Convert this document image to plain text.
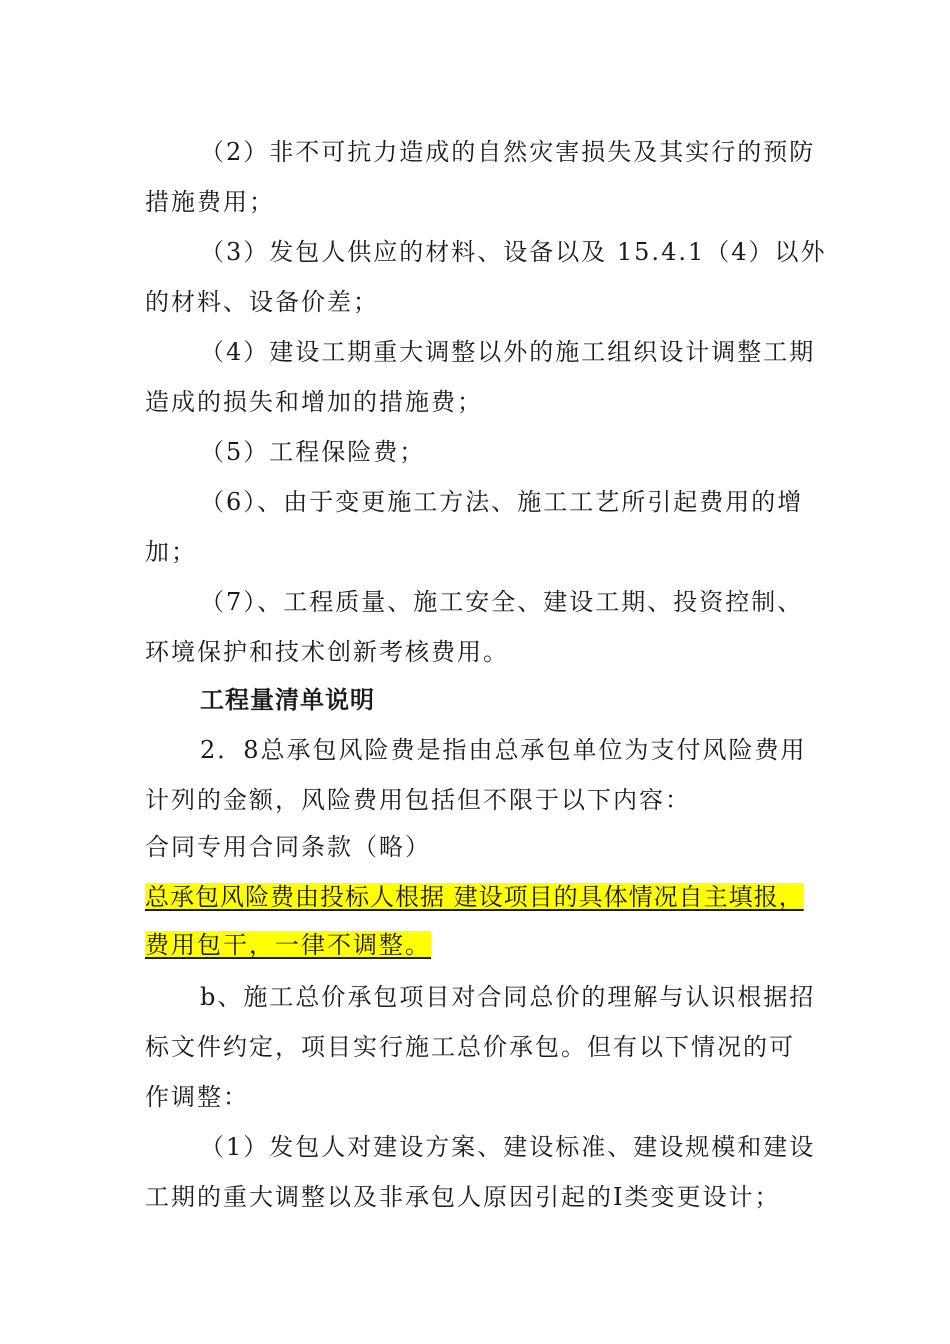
（2）非不可抗力造成的自然灾害损失及其实行的预防
措施费用；
（3）发包人供应的材料、设备以及 15.4.1（4）以外
的材料、设备价差；
（4）建设工期重大调整以外的施工组织设计调整工期
造成的损失和增加的措施费；
（5）工程保险费；
（6）、由于变更施工方法、施工工艺所引起费用的增
加；
（7）、工程质量、施工安全、建设工期、投资控制、
环境保护和技术创新考核费用。
工程量清单说明
2．8总承包风险费是指由总承包单位为支付风险费用
计列的金额，风险费用包括但不限于以下内容：
合同专用合同条款（略）
总承包风险费由投标人根据 建设项目的具体情况自主填报，
费用包干，一律不调整。
b、施工总价承包项目对合同总价的理解与认识根据招
标文件约定，项目实行施工总价承包。但有以下情况的可
作调整：
（1）发包人对建设方案、建设标准、建设规模和建设
工期的重大调整以及非承包人原因引起的Ⅰ类变更设计；
